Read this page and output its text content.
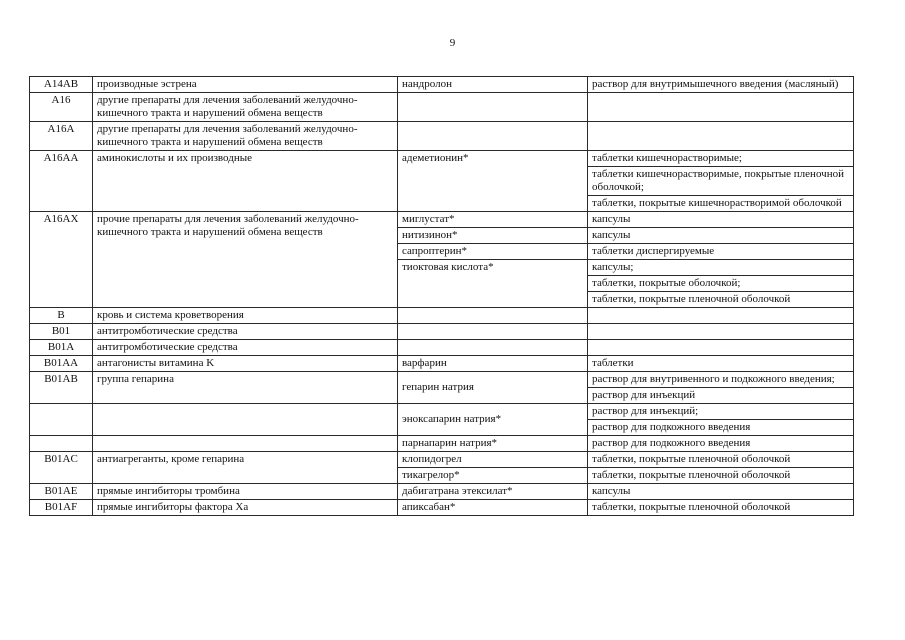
9
A14AB	производные эстрена	нандролон	раствор для внутримышечного введения (масляный)
A16	другие препараты для лечения заболеваний желудочно-кишечного тракта и нарушений обмена веществ		
A16A	другие препараты для лечения заболеваний желудочно-кишечного тракта и нарушений обмена веществ		
A16AA	аминокислоты и их производные	адеметионин*	таблетки кишечнорастворимые;
			таблетки кишечнорастворимые, покрытые пленочной оболочкой;
			таблетки, покрытые кишечнорастворимой оболочкой
A16AX	прочие препараты для лечения заболеваний желудочно-кишечного тракта и нарушений обмена веществ	миглустат*	капсулы
		нитизинон*	капсулы
		сапроптерин*	таблетки диспергируемые
		тиоктовая кислота*	капсулы;
			таблетки, покрытые оболочкой;
			таблетки, покрытые пленочной оболочкой
B	кровь и система кроветворения		
B01	антитромботические средства		
B01A	антитромботические средства		
B01AA	антагонисты витамина K	варфарин	таблетки
B01AB	группа гепарина	гепарин натрия	раствор для внутривенного и подкожного введения;
			раствор для инъекций
		эноксапарин натрия*	раствор для инъекций;
			раствор для подкожного введения
		парнапарин натрия*	раствор для подкожного введения
B01AC	антиагреганты, кроме гепарина	клопидогрел	таблетки, покрытые пленочной оболочкой
		тикагрелор*	таблетки, покрытые пленочной оболочкой
B01AE	прямые ингибиторы тромбина	дабигатрана этексилат*	капсулы
B01AF	прямые ингибиторы фактора Xa	апиксабан*	таблетки, покрытые пленочной оболочкой
